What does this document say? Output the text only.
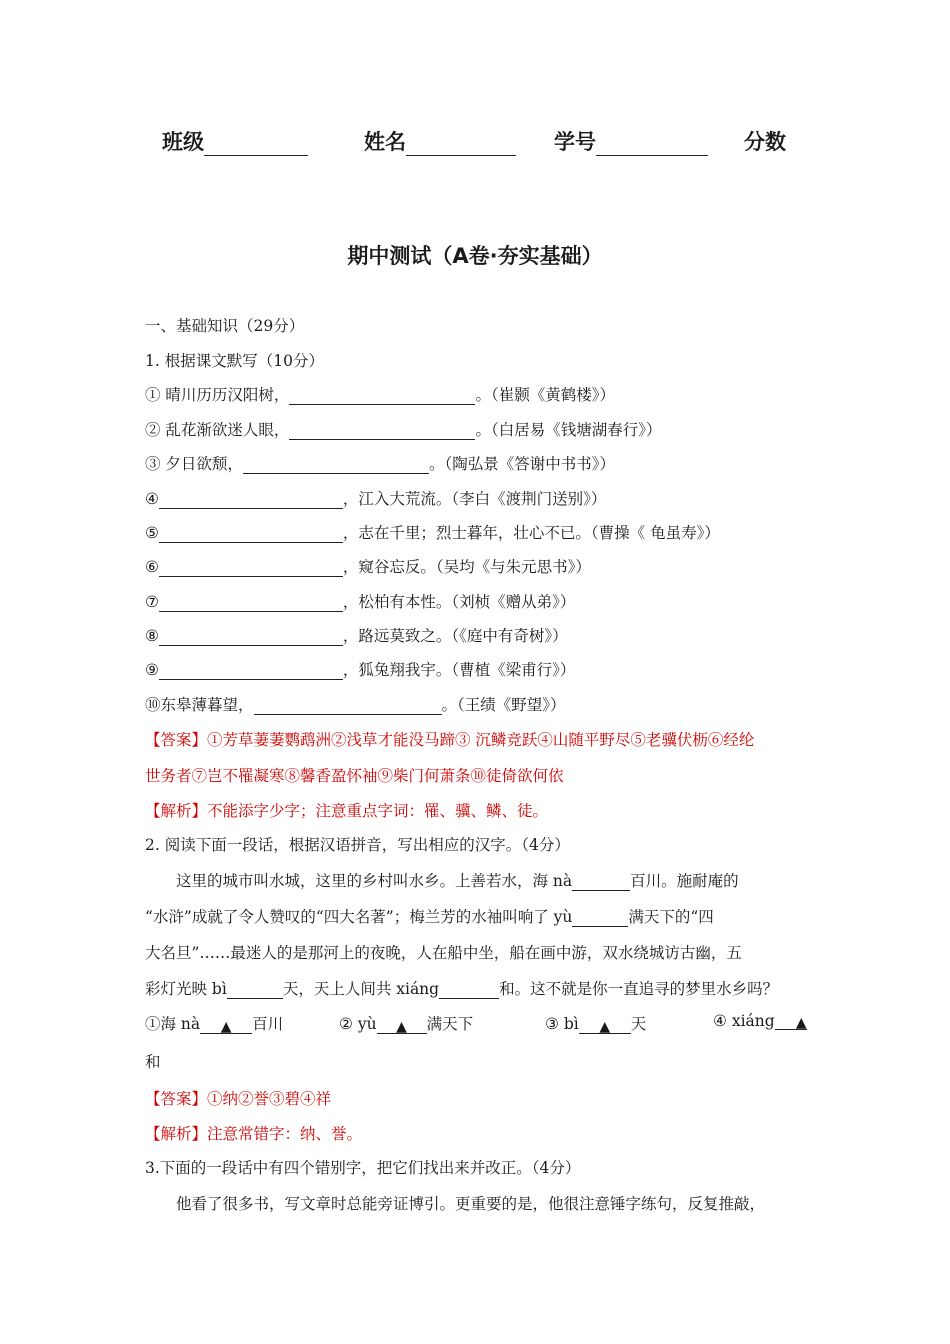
班级	姓名	学号	分数
期中测试（A卷·夯实基础）
一、基础知识（29分）
1. 根据课文默写（10分）
① 晴川历历汉阳树，	。（崔颢《黄鹤楼》）
② 乱花渐欲迷人眼，	。（白居易《钱塘湖春行》）
③ 夕日欲颓，	。（陶弘景《答谢中书书》）
④	，江入大荒流。（李白《渡荆门送别》）
⑤	，志在千里；烈士暮年，壮心不已。（曹操《 龟虽寿》）
⑥	，窥谷忘反。（吴均《与朱元思书》）
⑦	，松柏有本性。（刘桢《赠从弟》）
⑧	，路远莫致之。（《庭中有奇树》）
⑨	，狐兔翔我宇。（曹植《梁甫行》）
⑩东皋薄暮望，	。（王绩《野望》）
【答案】①芳草萋萋鹦鹉洲②浅草才能没马蹄③ 沉鳞竞跃④山随平野尽⑤老骥伏枥⑥经纶
世务者⑦岂不罹凝寒⑧馨香盈怀袖⑨柴门何萧条⑩徒倚欲何依
【解析】不能添字少字；注意重点字词：罹、骥、鳞、徒。
2. 阅读下面一段话，根据汉语拼音，写出相应的汉字。（4分）
这里的城市叫水城，这里的乡村叫水乡。上善若水，海 nà	百川。施耐庵的
“水浒”成就了令人赞叹的“四大名著”；梅兰芳的水袖叫响了 yù	满天下的“四
大名旦”……最迷人的是那河上的夜晚，人在船中坐，船在画中游，双水绕城访古幽，五
彩灯光映 bì	天，天上人间共 xiáng	和。这不就是你一直追寻的梦里水乡吗？
①海 nà ▲ 百川	② yù ▲ 满天下	③ bì ▲ 天	④ xiáng ▲
和
【答案】①纳②誉③碧④祥
【解析】注意常错字：纳、誉。
3.下面的一段话中有四个错别字，把它们找出来并改正。（4分）
他看了很多书，写文章时总能旁证博引。更重要的是，他很注意锤字练句，反复推敲，
